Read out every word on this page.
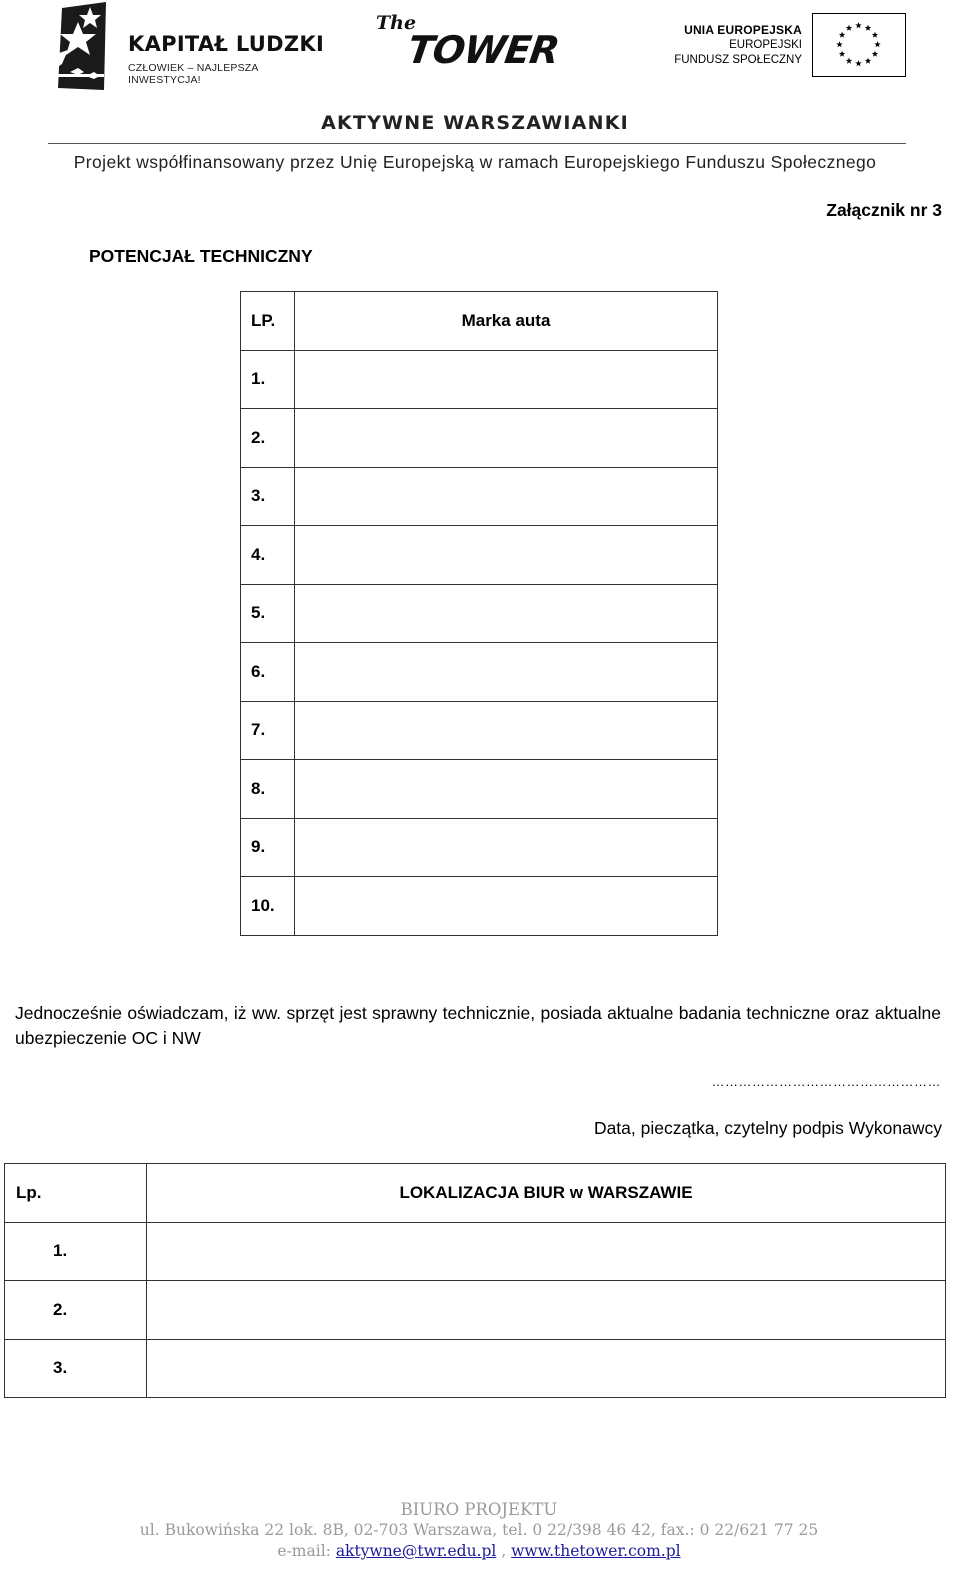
KAPITAŁ LUDZKI
CZŁOWIEK – NAJLEPSZA INWESTYCJA!
The
TOWER	UNIA EUROPEJSKA
EUROPEJSKI
FUNDUSZ SPOŁECZNY
AKTYWNE WARSZAWIANKI
Projekt współfinansowany przez Unię Europejską w ramach Europejskiego Funduszu Społecznego
Załącznik nr 3
POTENCJAŁ TECHNICZNY
LP.	Marka auta
1.	
2.	
3.	
4.	
5.	
6.	
7.	
8.	
9.	
10.	
Jednocześnie oświadczam, iż ww. sprzęt jest sprawny technicznie, posiada aktualne badania techniczne oraz aktualne ubezpieczenie OC i NW
……………………………………………
Data, pieczątka, czytelny podpis Wykonawcy
Lp.	LOKALIZACJA BIUR w WARSZAWIE
1.	
2.	
3.	
BIURO PROJEKTU
ul. Bukowińska 22 lok. 8B, 02-703 Warszawa, tel. 0 22/398 46 42, fax.: 0 22/621 77 25
e-mail: aktywne@twr.edu.pl , www.thetower.com.pl
